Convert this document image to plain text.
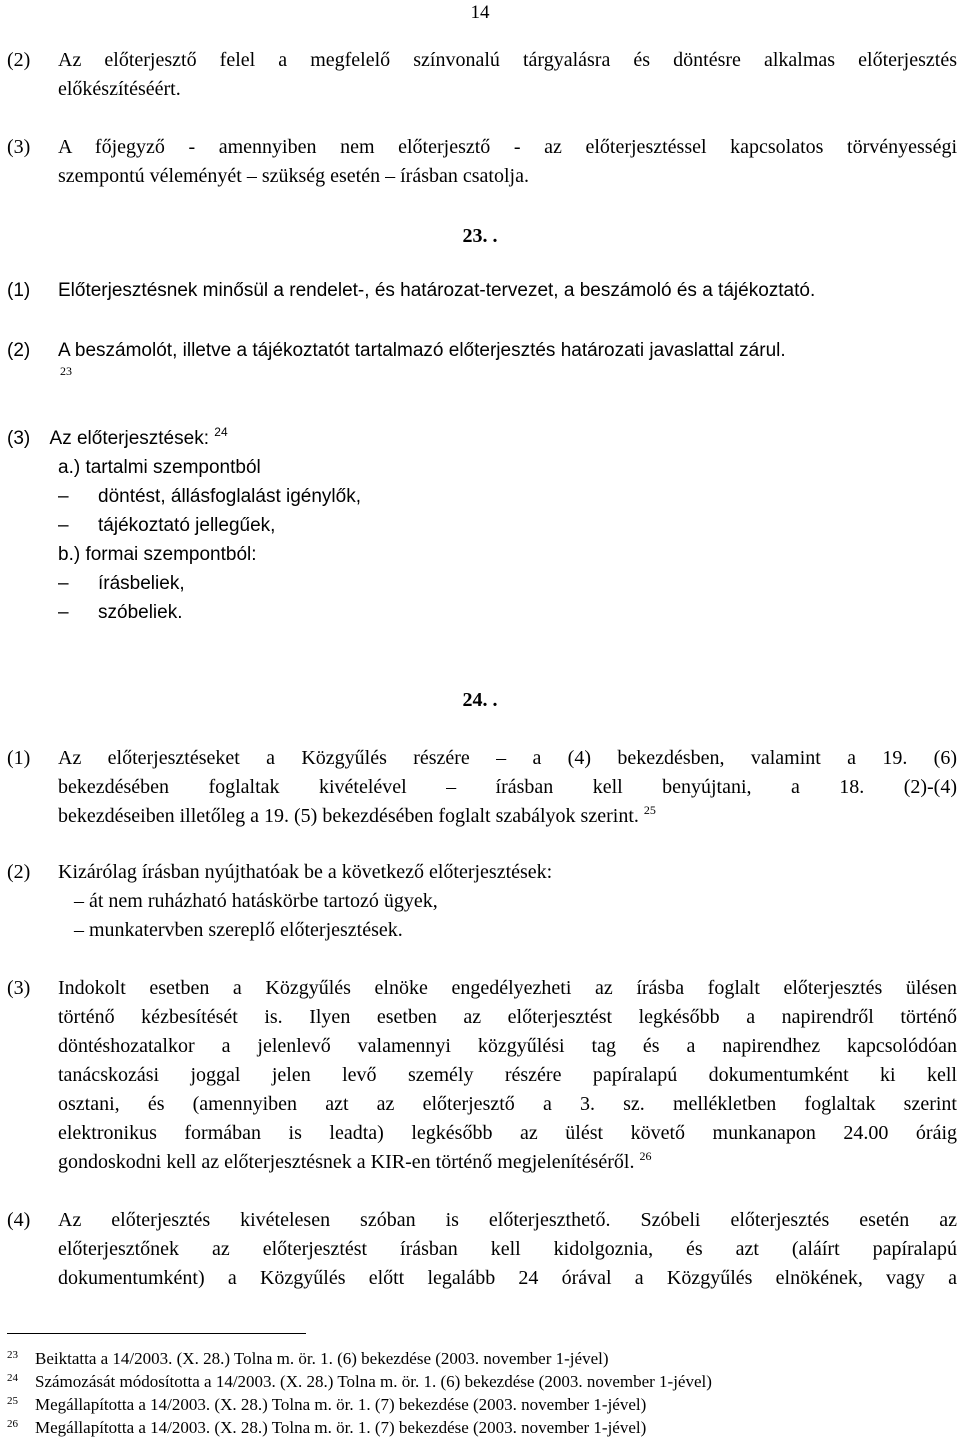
14
(2) Az előterjesztő felel a megfelelő színvonalú tárgyalásra és döntésre alkalmas előterjesztés
előkészítéséért.
(3) A főjegyző - amennyiben nem előterjesztő - az előterjesztéssel kapcsolatos törvényességi
szempontú véleményét – szükség esetén – írásban csatolja.
23. .
(1) Előterjesztésnek minősül a rendelet-, és határozat-tervezet, a beszámoló és a tájékoztató.
(2) A beszámolót, illetve a tájékoztatót tartalmazó előterjesztés határozati javaslattal zárul.
23
(3) Az előterjesztések: $^{24}$
a.) tartalmi szempontból
– döntést, állásfoglalást igénylők,
– tájékoztató jellegűek,
b.) formai szempontból:
– írásbeliek,
– szóbeliek.
24. .
(1) Az előterjesztéseket a Közgyűlés részére – a (4) bekezdésben, valamint a 19. (6)
bekezdésében foglaltak kivételével – írásban kell benyújtani, a 18. (2)-(4)
bekezdéseiben illetőleg a 19. (5) bekezdésében foglalt szabályok szerint. $^{25}$
(2) Kizárólag írásban nyújthatóak be a következő előterjesztések:
– át nem ruházható hatáskörbe tartozó ügyek,
– munkatervben szereplő előterjesztések.
(3) Indokolt esetben a Közgyűlés elnöke engedélyezheti az írásba foglalt előterjesztés ülésen
történő kézbesítését is. Ilyen esetben az előterjesztést legkésőbb a napirendről történő
döntéshozatalkor a jelenlevő valamennyi közgyűlési tag és a napirendhez kapcsolódóan
tanácskozási joggal jelen levő személy részére papíralapú dokumentumként ki kell
osztani, és (amennyiben azt az előterjesztő a 3. sz. mellékletben foglaltak szerint
elektronikus formában is leadta) legkésőbb az ülést követő munkanapon 24.00 óráig
gondoskodni kell az előterjesztésnek a KIR-en történő megjelenítéséről. $^{26}$
(4) Az előterjesztés kivételesen szóban is előterjeszthető. Szóbeli előterjesztés esetén az
előterjesztőnek az előterjesztést írásban kell kidolgoznia, és azt (aláírt papíralapú
dokumentumként) a Közgyűlés előtt legalább 24 órával a Közgyűlés elnökének, vagy a
23 Beiktatta a 14/2003. (X. 28.) Tolna m. ör. 1. (6) bekezdése (2003. november 1-jével)
24 Számozását módosította a 14/2003. (X. 28.) Tolna m. ör. 1. (6) bekezdése (2003. november 1-jével)
25 Megállapította a 14/2003. (X. 28.) Tolna m. ör. 1. (7) bekezdése (2003. november 1-jével)
26 Megállapította a 14/2003. (X. 28.) Tolna m. ör. 1. (7) bekezdése (2003. november 1-jével)
